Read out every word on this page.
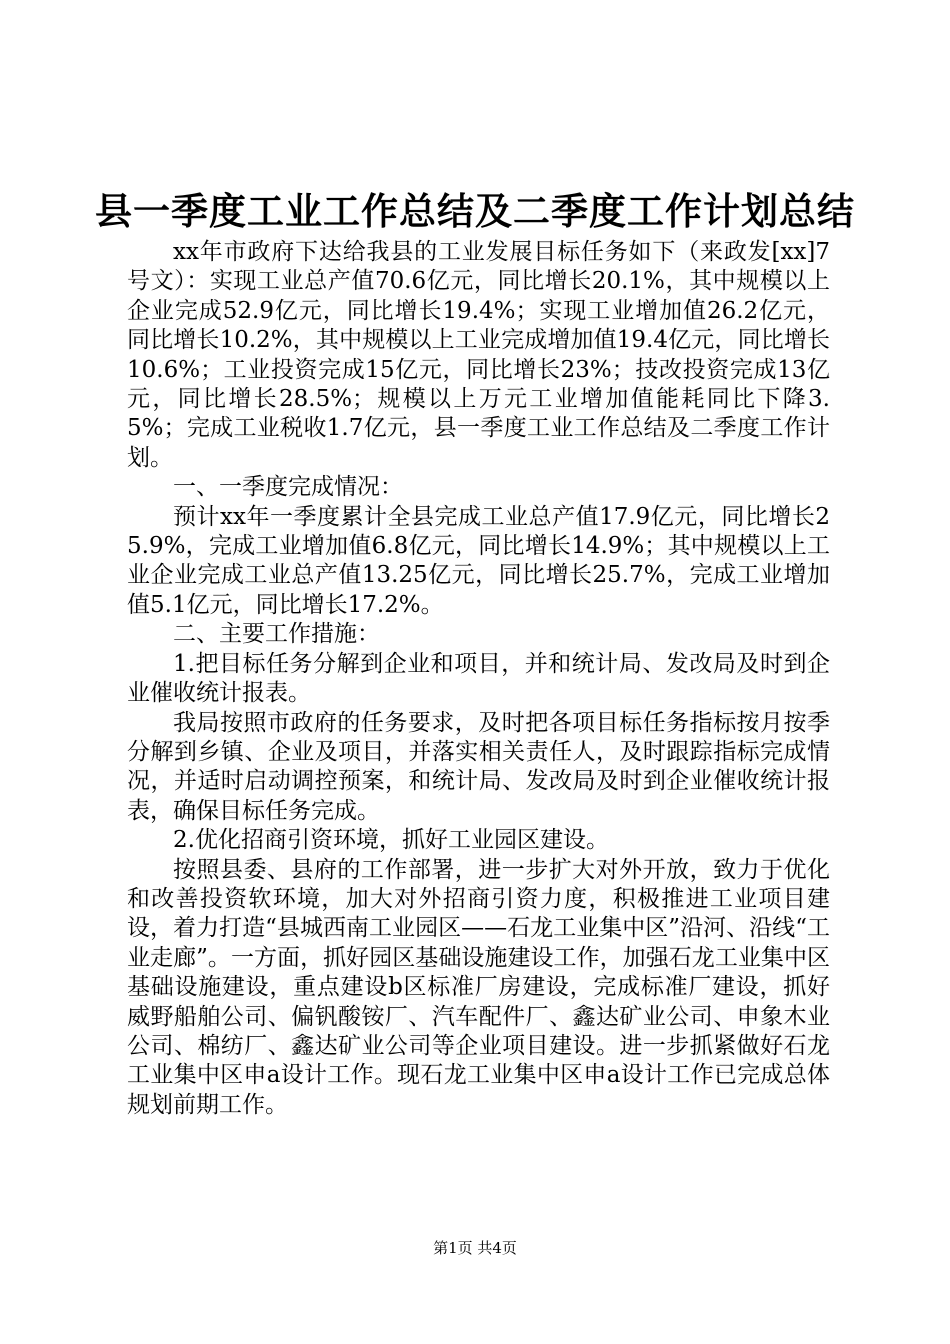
县一季度工业工作总结及二季度工作计划总结

xx年市政府下达给我县的工业发展目标任务如下（来政发[xx]7号文）：实现工业总产值70.6亿元，同比增长20.1%，其中规模以上企业完成52.9亿元，同比增长19.4%；实现工业增加值26.2亿元，同比增长10.2%，其中规模以上工业完成增加值19.4亿元，同比增长10.6%；工业投资完成15亿元，同比增长23%；技改投资完成13亿元，同比增长28.5%；规模以上万元工业增加值能耗同比下降3.5%；完成工业税收1.7亿元，县一季度工业工作总结及二季度工作计划。

一、一季度完成情况：

预计xx年一季度累计全县完成工业总产值17.9亿元，同比增长25.9%，完成工业增加值6.8亿元，同比增长14.9%；其中规模以上工业企业完成工业总产值13.25亿元，同比增长25.7%，完成工业增加值5.1亿元，同比增长17.2%。

二、主要工作措施：

1.把目标任务分解到企业和项目，并和统计局、发改局及时到企业催收统计报表。

我局按照市政府的任务要求，及时把各项目标任务指标按月按季分解到乡镇、企业及项目，并落实相关责任人，及时跟踪指标完成情况，并适时启动调控预案，和统计局、发改局及时到企业催收统计报表，确保目标任务完成。

2.优化招商引资环境，抓好工业园区建设。

按照县委、县府的工作部署，进一步扩大对外开放，致力于优化和改善投资软环境，加大对外招商引资力度，积极推进工业项目建设，着力打造“县城西南工业园区——石龙工业集中区”沿河、沿线“工业走廊”。一方面，抓好园区基础设施建设工作，加强石龙工业集中区基础设施建设，重点建设b区标准厂房建设，完成标准厂建设，抓好威野船舶公司、偏钒酸铵厂、汽车配件厂、鑫达矿业公司、申象木业公司、棉纺厂、鑫达矿业公司等企业项目建设。进一步抓紧做好石龙工业集中区申a设计工作。现石龙工业集中区申a设计工作已完成总体规划前期工作。

第1页 共4页
